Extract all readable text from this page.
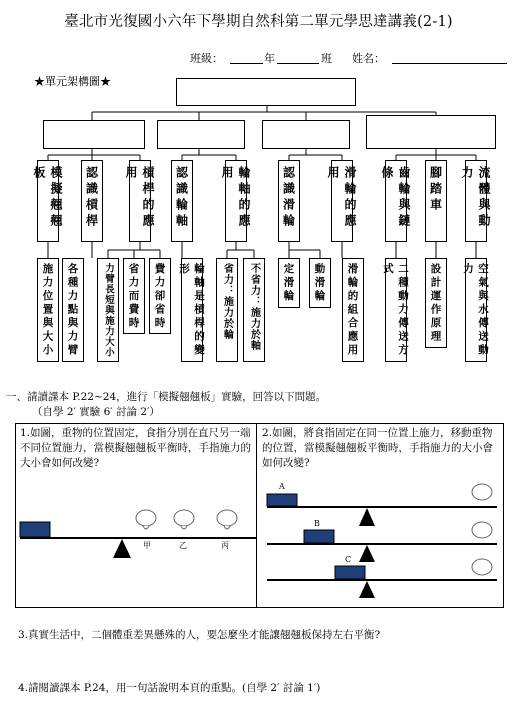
臺北市光復國小六年下學期自然科第二單元學思達講義(2-1)
班級：	年	班 姓名：
★單元架構圖★
模擬翹翹板	認識槓桿	槓桿的應用	認識輪軸	輪軸的應用	認識滑輪	滑輪的應用	齒輪與鏈條	腳踏車	流體與動力
施力位置與大小	各種力點與力臂	力臂長短與施力大小	省力而費時	費力卻省時	輪軸是槓桿的變形	省力：施力於輪	不省力：施力於軸	定滑輪	動滑輪	滑輪的組合應用	二種動力傳送方式	設計運作原理	空氣與水傳送動力
一、請讀課本 P.22~24，進行「模擬翹翹板」實驗，回答以下問題。
（自學 2′ 實驗 6′ 討論 2′）
1.如圖，重物的位置固定，食指分別在直尺另一端不同位置施力，當模擬翹翹板平衡時，手指施力的大小會如何改變?
甲	乙	丙
2.如圖，將食指固定在同一位置上施力，移動重物的位置，當模擬翹翹板平衡時，手指施力的大小會如何改變?
A
B
C
3.真實生活中，二個體重差異懸殊的人，要怎麼坐才能讓翹翹板保持左右平衡?
4.請閱讀課本 P.24，用一句話說明本頁的重點。(自學 2′ 討論 1′)
